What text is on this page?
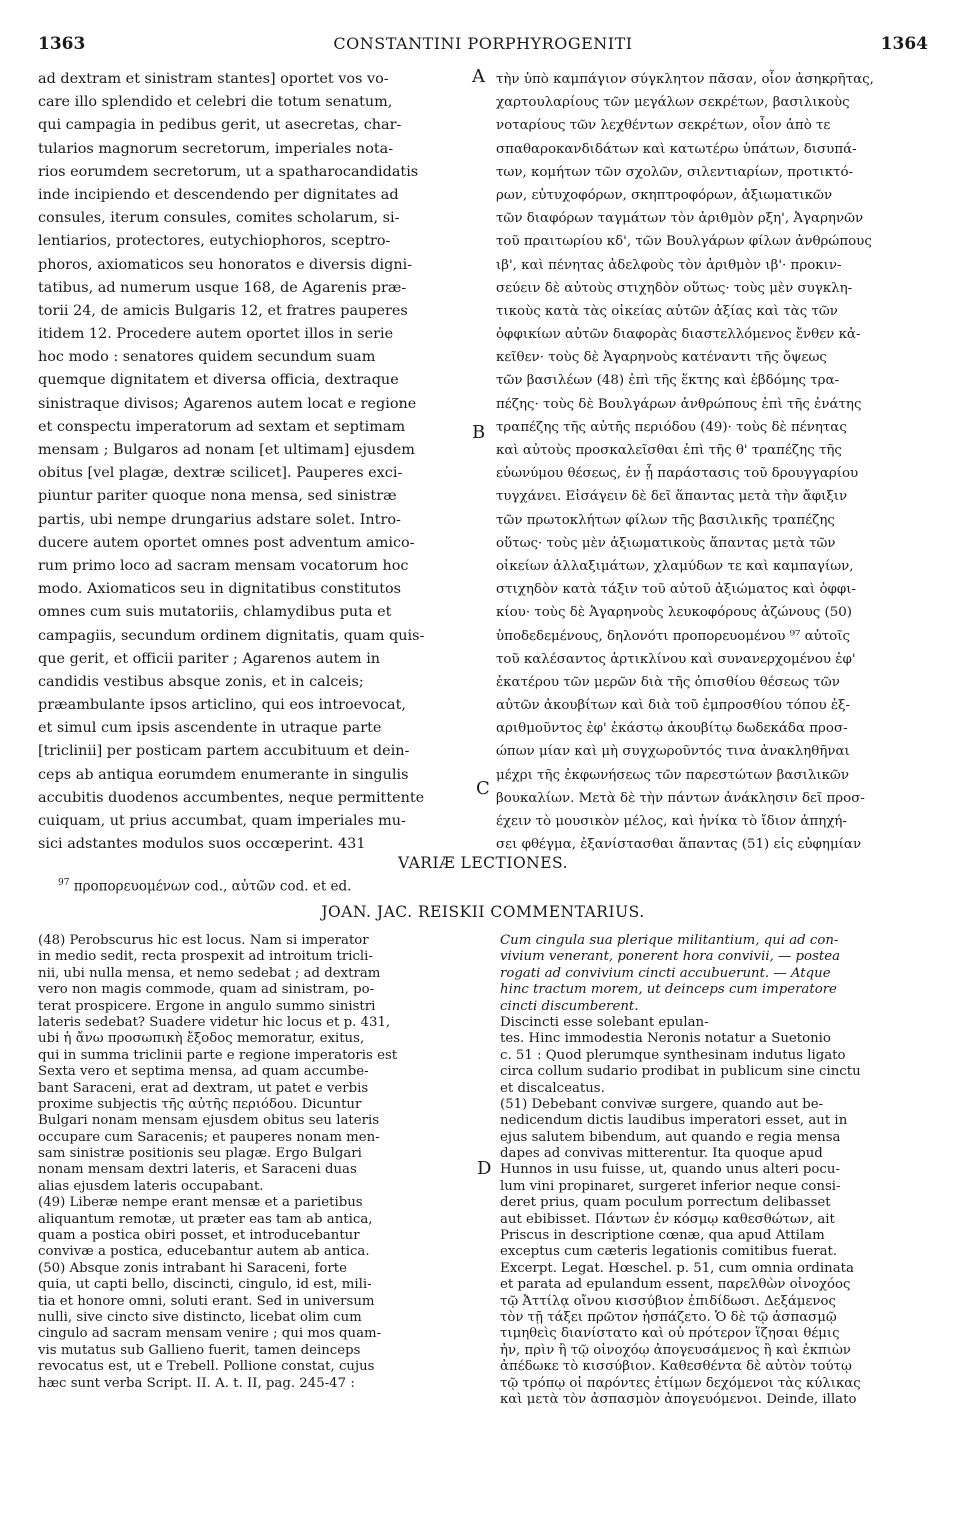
1363	CONSTANTINI PORPHYROGENITI	1364
ad dextram et sinistram stantes] oportet vos vo-
care illo splendido et celebri die totum senatum,
qui campagia in pedibus gerit, ut asecretas, char-
tularios magnorum secretorum, imperiales nota-
rios eorumdem secretorum, ut a spatharocandidatis
inde incipiendo et descendendo per dignitates ad
consules, iterum consules, comites scholarum, si-
lentiarios, protectores, eutychiophoros, sceptro-
phoros, axiomaticos seu honoratos e diversis digni-
tatibus, ad numerum usque 168, de Agarenis præ-
torii 24, de amicis Bulgaris 12, et fratres pauperes
itidem 12. Procedere autem oportet illos in serie
hoc modo : senatores quidem secundum suam
quemque dignitatem et diversa officia, dextraque
sinistraque divisos; Agarenos autem locat e regione
et conspectu imperatorum ad sextam et septimam
mensam ; Bulgaros ad nonam [et ultimam] ejusdem
obitus [vel plagæ, dextræ scilicet]. Pauperes exci-
piuntur pariter quoque nona mensa, sed sinistræ
partis, ubi nempe drungarius adstare solet. Intro-
ducere autem oportet omnes post adventum amico-
rum primo loco ad sacram mensam vocatorum hoc
modo. Axiomaticos seu in dignitatibus constitutos
omnes cum suis mutatoriis, chlamydibus puta et
campagiis, secundum ordinem dignitatis, quam quis-
que gerit, et officii pariter ; Agarenos autem in
candidis vestibus absque zonis, et in calceis;
præambulante ipsos articlino, qui eos introevocat,
et simul cum ipsis ascendente in utraque parte
[triclinii] per posticam partem accubituum et dein-
ceps ab antiqua eorumdem enumerante in singulis
accubitis duodenos accumbentes, neque permittente
cuiquam, ut prius accumbat, quam imperiales mu-
sici adstantes modulos suos occœperint. 431
τὴν ὑπὸ καμπάγιον σύγκλητον πᾶσαν, οἷον ἀσηκρῆτας,
χαρτουλαρίους τῶν μεγάλων σεκρέτων, βασιλικοὺς
νοταρίους τῶν λεχθέντων σεκρέτων, οἷον ἀπὸ τε
σπαθαροκανδιδάτων καὶ κατωτέρω ὑπάτων, δισυπά-
των, κομήτων τῶν σχολῶν, σιλεντιαρίων, προτικτό-
ρων, εὐτυχοφόρων, σκηπτροφόρων, ἀξιωματικῶν
τῶν διαφόρων ταγμάτων τὸν ἀριθμὸν ρξη', Ἀγαρηνῶν
τοῦ πραιτωρίου κδ', τῶν Βουλγάρων φίλων ἀνθρώπους
ιβ', καὶ πένητας ἀδελφοὺς τὸν ἀριθμὸν ιβ'· προκιν-
σεύειν δὲ αὐτοὺς στιχηδὸν οὕτως· τοὺς μὲν συγκλη-
τικοὺς κατὰ τὰς οἰκείας αὐτῶν ἀξίας καὶ τὰς τῶν
ὀφφικίων αὐτῶν διαφορὰς διαστελλόμενος ἔνθεν κἀ-
κεῖθεν· τοὺς δὲ Ἀγαρηνοὺς κατέναντι τῆς ὄψεως
τῶν βασιλέων (48) ἐπὶ τῆς ἕκτης καὶ ἑβδόμης τρα-
πέζης· τοὺς δὲ Βουλγάρων ἀνθρώπους ἐπὶ τῆς ἐνάτης
τραπέζης τῆς αὐτῆς περιόδου (49)· τοὺς δὲ πένητας
καὶ αὐτοὺς προσκαλεῖσθαι ἐπὶ τῆς θ' τραπέζης τῆς
εὐωνύμου θέσεως, ἐν ᾗ παράστασις τοῦ δρουγγαρίου
τυγχάνει. Εἰσάγειν δὲ δεῖ ἅπαντας μετὰ τὴν ἄφιξιν
τῶν πρωτοκλήτων φίλων τῆς βασιλικῆς τραπέζης
οὕτως· τοὺς μὲν ἀξιωματικοὺς ἅπαντας μετὰ τῶν
οἰκείων ἀλλαξιμάτων, χλαμύδων τε καὶ καμπαγίων,
στιχηδὸν κατὰ τάξιν τοῦ αὐτοῦ ἀξιώματος καὶ ὀφφι-
κίου· τοὺς δὲ Ἀγαρηνοὺς λευκοφόρους ἀζώνους (50)
ὑποδεδεμένους, δηλονότι προπορευομένου ⁹⁷ αὐτοῖς
τοῦ καλέσαντος ἀρτικλίνου καὶ συνανερχομένου ἐφ'
ἑκατέρου τῶν μερῶν διὰ τῆς ὀπισθίου θέσεως τῶν
αὐτῶν ἀκουβίτων καὶ διὰ τοῦ ἐμπροσθίου τόπου ἐξ-
αριθμοῦντος ἐφ' ἑκάστῳ ἀκουβίτῳ δωδεκάδα προσ-
ώπων μίαν καὶ μὴ συγχωροῦντός τινα ἀνακληθῆναι
μέχρι τῆς ἐκφωνήσεως τῶν παρεστώτων βασιλικῶν
βουκαλίων. Μετὰ δὲ τὴν πάντων ἀνάκλησιν δεῖ προσ-
έχειν τὸ μουσικὸν μέλος, καὶ ἡνίκα τὸ ἴδιον ἀπηχή-
σει φθέγμα, ἐξανίστασθαι ἅπαντας (51) εἰς εὐφημίαν
A
B
C
D
VARIÆ LECTIONES.
$^{97}$ προπορευομένων cod., αὐτῶν cod. et ed.
JOAN. JAC. REISKII COMMENTARIUS.
(48) Perobscurus hic est locus. Nam si imperator
in medio sedit, recta prospexit ad introitum tricli-
nii, ubi nulla mensa, et nemo sedebat ; ad dextram
vero non magis commode, quam ad sinistram, po-
terat prospicere. Ergone in angulo summo sinistri
lateris sedebat? Suadere videtur hic locus et p. 431,
ubi ἡ ἄνω προσωπικὴ ἔξοδος memoratur, exitus,
qui in summa triclinii parte e regione imperatoris est
Sexta vero et septima mensa, ad quam accumbe-
bant Saraceni, erat ad dextram, ut patet e verbis
proxime subjectis τῆς αὐτῆς περιόδου. Dicuntur
Bulgari nonam mensam ejusdem obitus seu lateris
occupare cum Saracenis; et pauperes nonam men-
sam sinistræ positionis seu plagæ. Ergo Bulgari
nonam mensam dextri lateris, et Saraceni duas
alias ejusdem lateris occupabant.
(49) Liberæ nempe erant mensæ et a parietibus
aliquantum remotæ, ut præter eas tam ab antica,
quam a postica obiri posset, et introducebantur
convivæ a postica, educebantur autem ab antica.
(50) Absque zonis intrabant hi Saraceni, forte
quia, ut capti bello, discincti, cingulo, id est, mili-
tia et honore omni, soluti erant. Sed in universum
nulli, sive cincto sive distincto, licebat olim cum
cingulo ad sacram mensam venire ; qui mos quam-
vis mutatus sub Gallieno fuerit, tamen deinceps
revocatus est, ut e Trebell. Pollione constat, cujus
hæc sunt verba Script. II. A. t. II, pag. 245-47 :
Cum cingula sua plerique militantium, qui ad con-
vivium venerant, ponerent hora convivii, — postea
rogati ad convivium cincti accubuerunt. — Atque
hinc tractum morem, ut deinceps cum imperatore
cincti discumberent.
Discincti esse solebant epulan-
tes. Hinc immodestia Neronis notatur a Suetonio
c. 51 : Quod plerumque synthesinam indutus ligato
circa collum sudario prodibat in publicum sine cinctu
et discalceatus.
(51) Debebant convivæ surgere, quando aut be-
nedicendum dictis laudibus imperatori esset, aut in
ejus salutem bibendum, aut quando e regia mensa
dapes ad convivas mitterentur. Ita quoque apud
Hunnos in usu fuisse, ut, quando unus alteri pocu-
lum vini propinaret, surgeret inferior neque consi-
deret prius, quam poculum porrectum delibasset
aut ebibisset. Πάντων ἐν κόσμῳ καθεσθώτων, ait
Priscus in descriptione cœnæ, qua apud Attilam
exceptus cum cæteris legationis comitibus fuerat.
Excerpt. Legat. Hœschel. p. 51, cum omnia ordinata
et parata ad epulandum essent, παρελθὼν οἰνοχόος
τῷ Ἀττίλᾳ οἴνου κισσύβιον ἐπιδίδωσι. Δεξάμενος
τὸν τῇ τάξει πρῶτον ἠσπάζετο. Ὁ δὲ τῷ ἀσπασμῷ
τιμηθεὶς διανίστατο καὶ οὐ πρότερον ἵζησαι θέμις
ἦν, πρὶν ἢ τῷ οἰνοχόῳ ἀπογευσάμενος ἢ καὶ ἐκπιὼν
ἀπέδωκε τὸ κισσύβιον. Καθεσθέντα δὲ αὐτὸν τούτῳ
τῷ τρόπῳ οἱ παρόντες ἐτίμων δεχόμενοι τὰς κύλικας
καὶ μετὰ τὸν ἀσπασμὸν ἀπογευόμενοι. Deinde, illato
